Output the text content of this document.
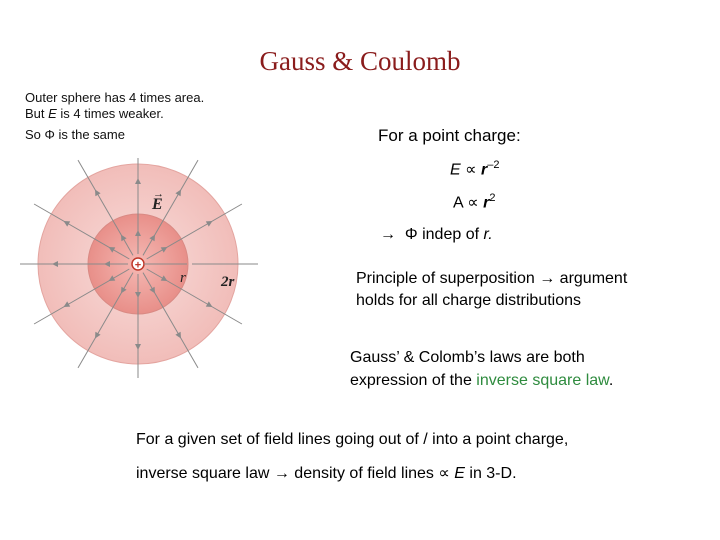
Gauss & Coulomb
Outer sphere has 4 times area.
But E is 4 times weaker.
So Φ is the same
+
E
→
r 2r
For a point charge:
$E \propto r^{-2}$
$A \propto r^2$
→ Φ indep of r.
Principle of superposition → argument
holds for all charge distributions
Gauss’ & Colomb’s laws are both
expression of the inverse square law.
For a given set of field lines going out of / into a point charge,
inverse square law → density of field lines ∝ E in 3-D.
